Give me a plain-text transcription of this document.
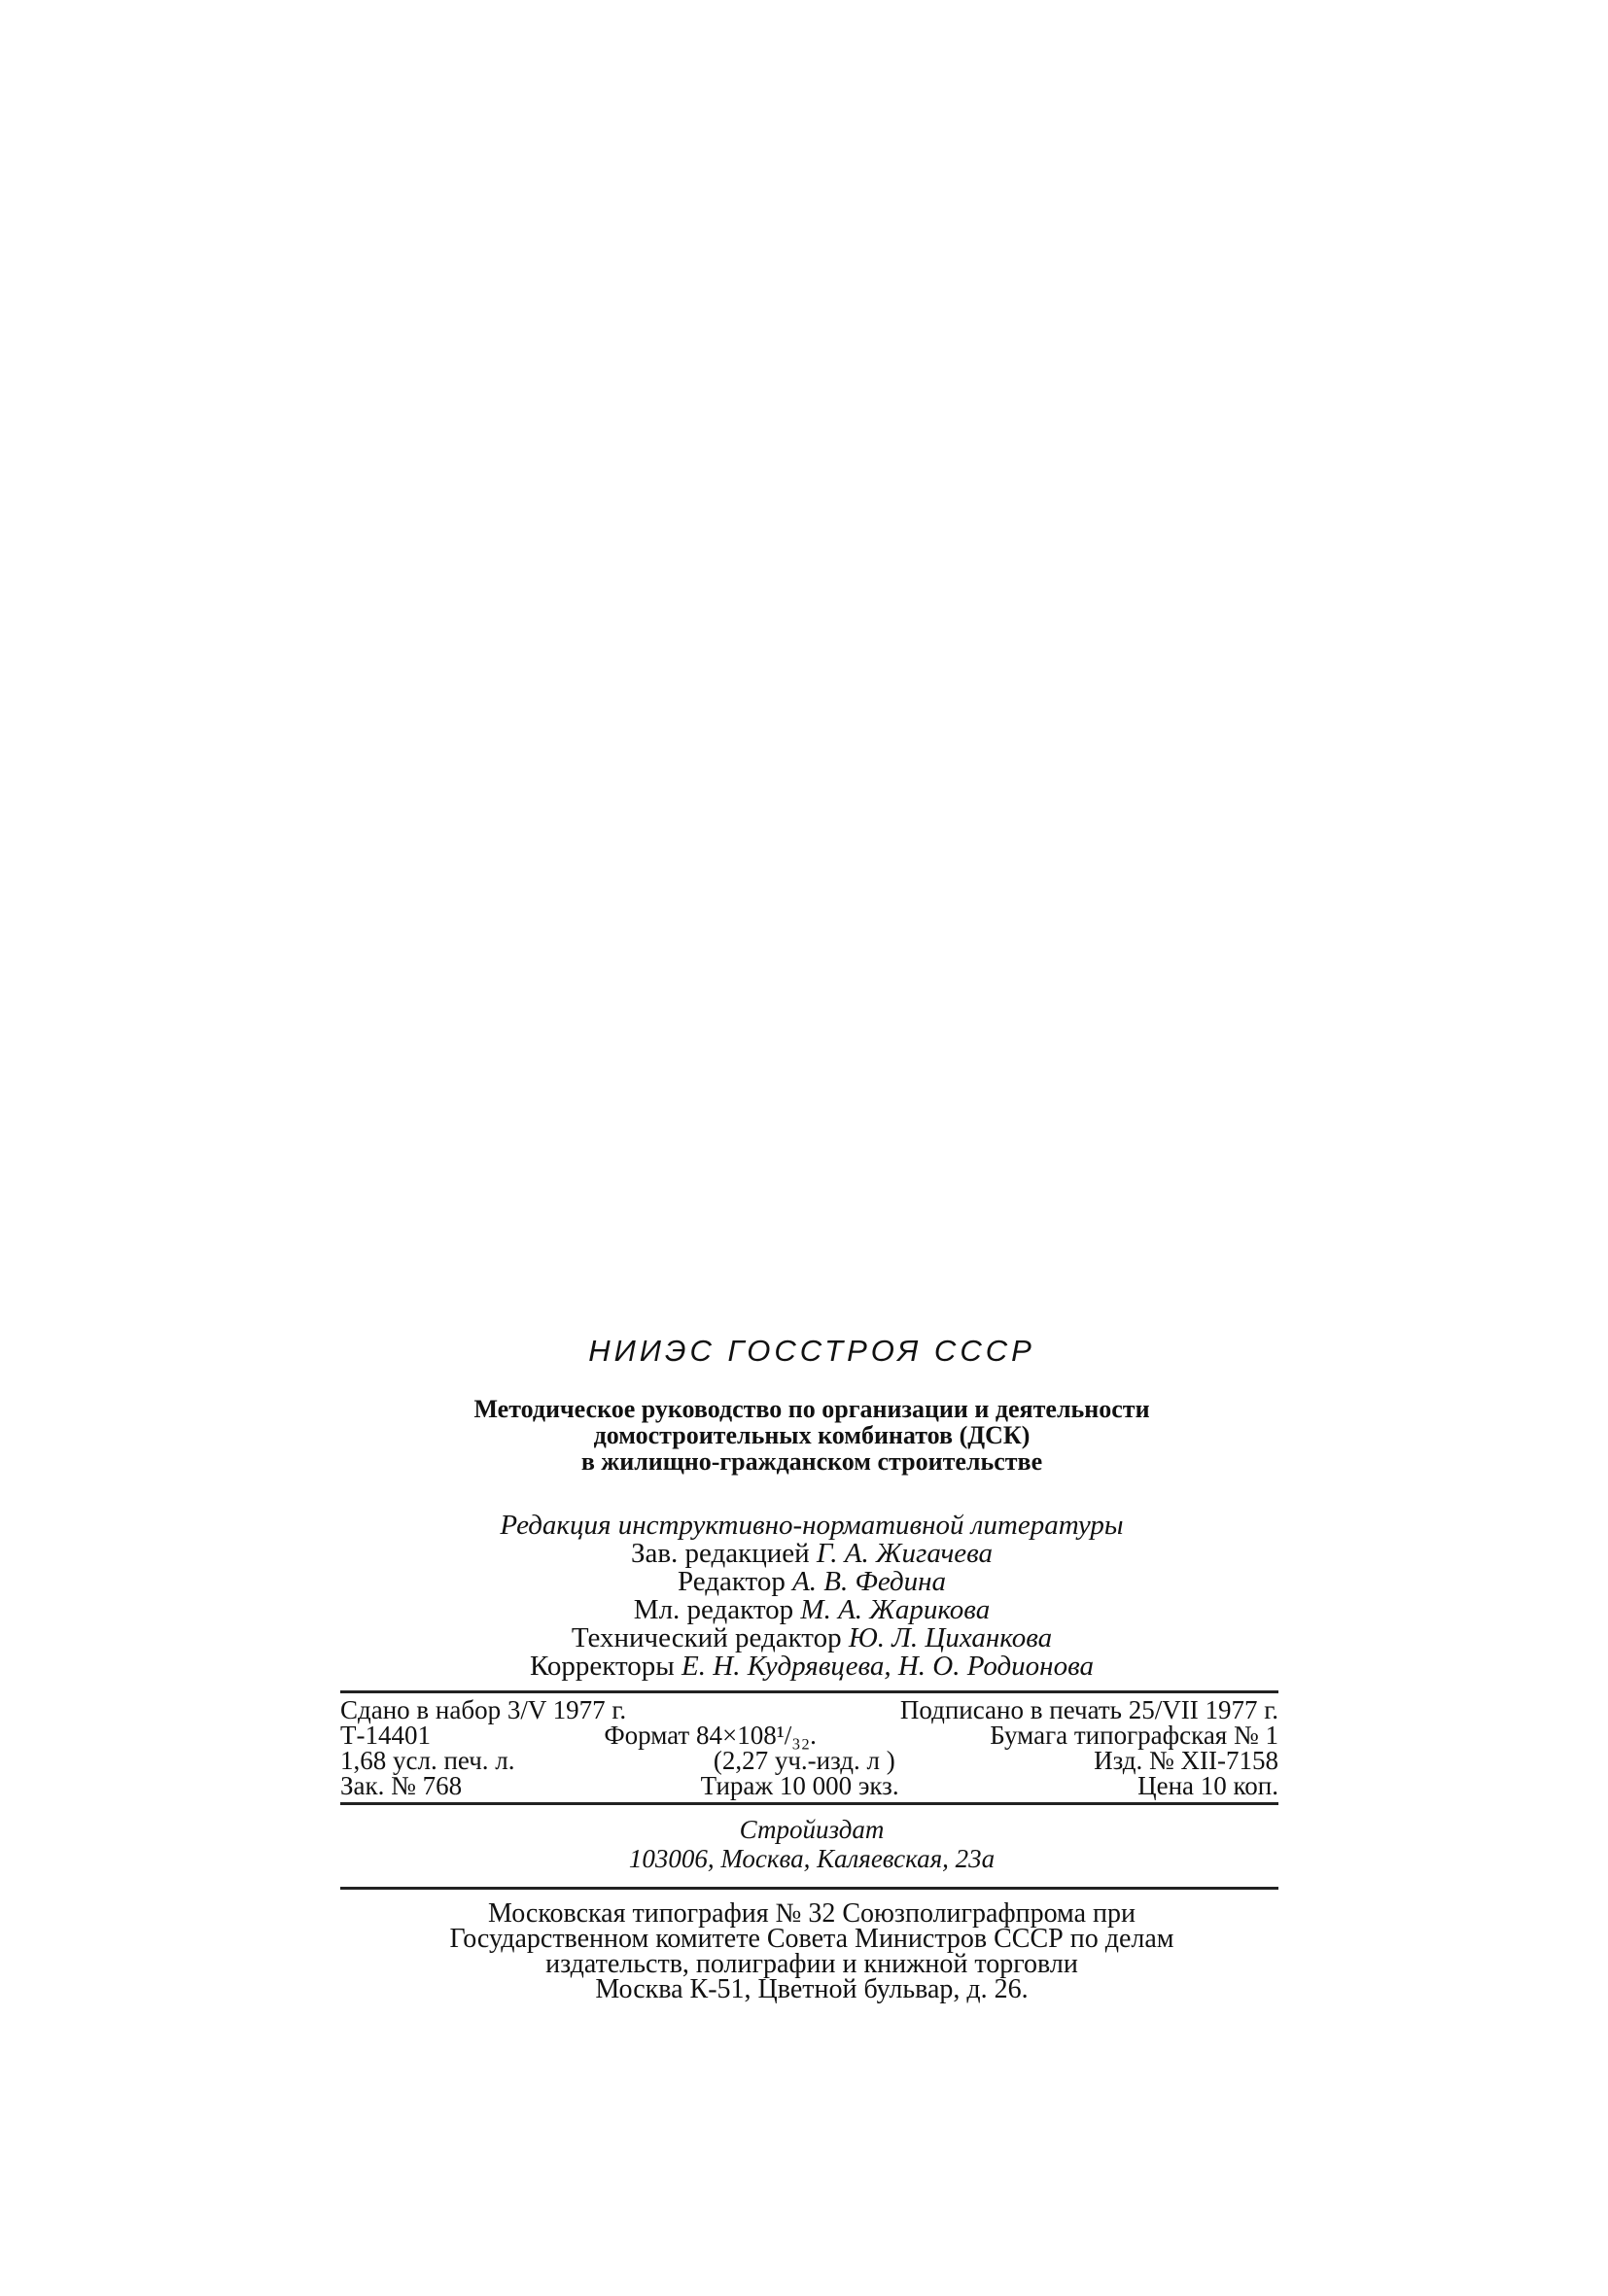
НИИЭС ГОССТРОЯ СССР
Методическое руководство по организации и деятельности
домостроительных комбинатов (ДСК)
в жилищно-гражданском строительстве
Редакция инструктивно-нормативной литературы
Зав. редакцией Г. А. Жигачева
Редактор А. В. Федина
Мл. редактор М. А. Жарикова
Технический редактор Ю. Л. Циханкова
Корректоры Е. Н. Кудрявцева, Н. О. Родионова
Сдано в набор 3/V 1977 г.	Подписано в печать 25/VII 1977 г.
Т-14401	Формат 84×108¹/₃₂.	Бумага типографская № 1
1,68 усл. печ. л.	(2,27 уч.-изд. л )	Изд. № XII-7158
Зак. № 768	Тираж 10 000 экз.	Цена 10 коп.
Стройиздат
103006, Москва, Каляевская, 23а
Московская типография № 32 Союзполиграфпрома при
Государственном комитете Совета Министров СССР по делам
издательств, полиграфии и книжной торговли
Москва К-51, Цветной бульвар, д. 26.
